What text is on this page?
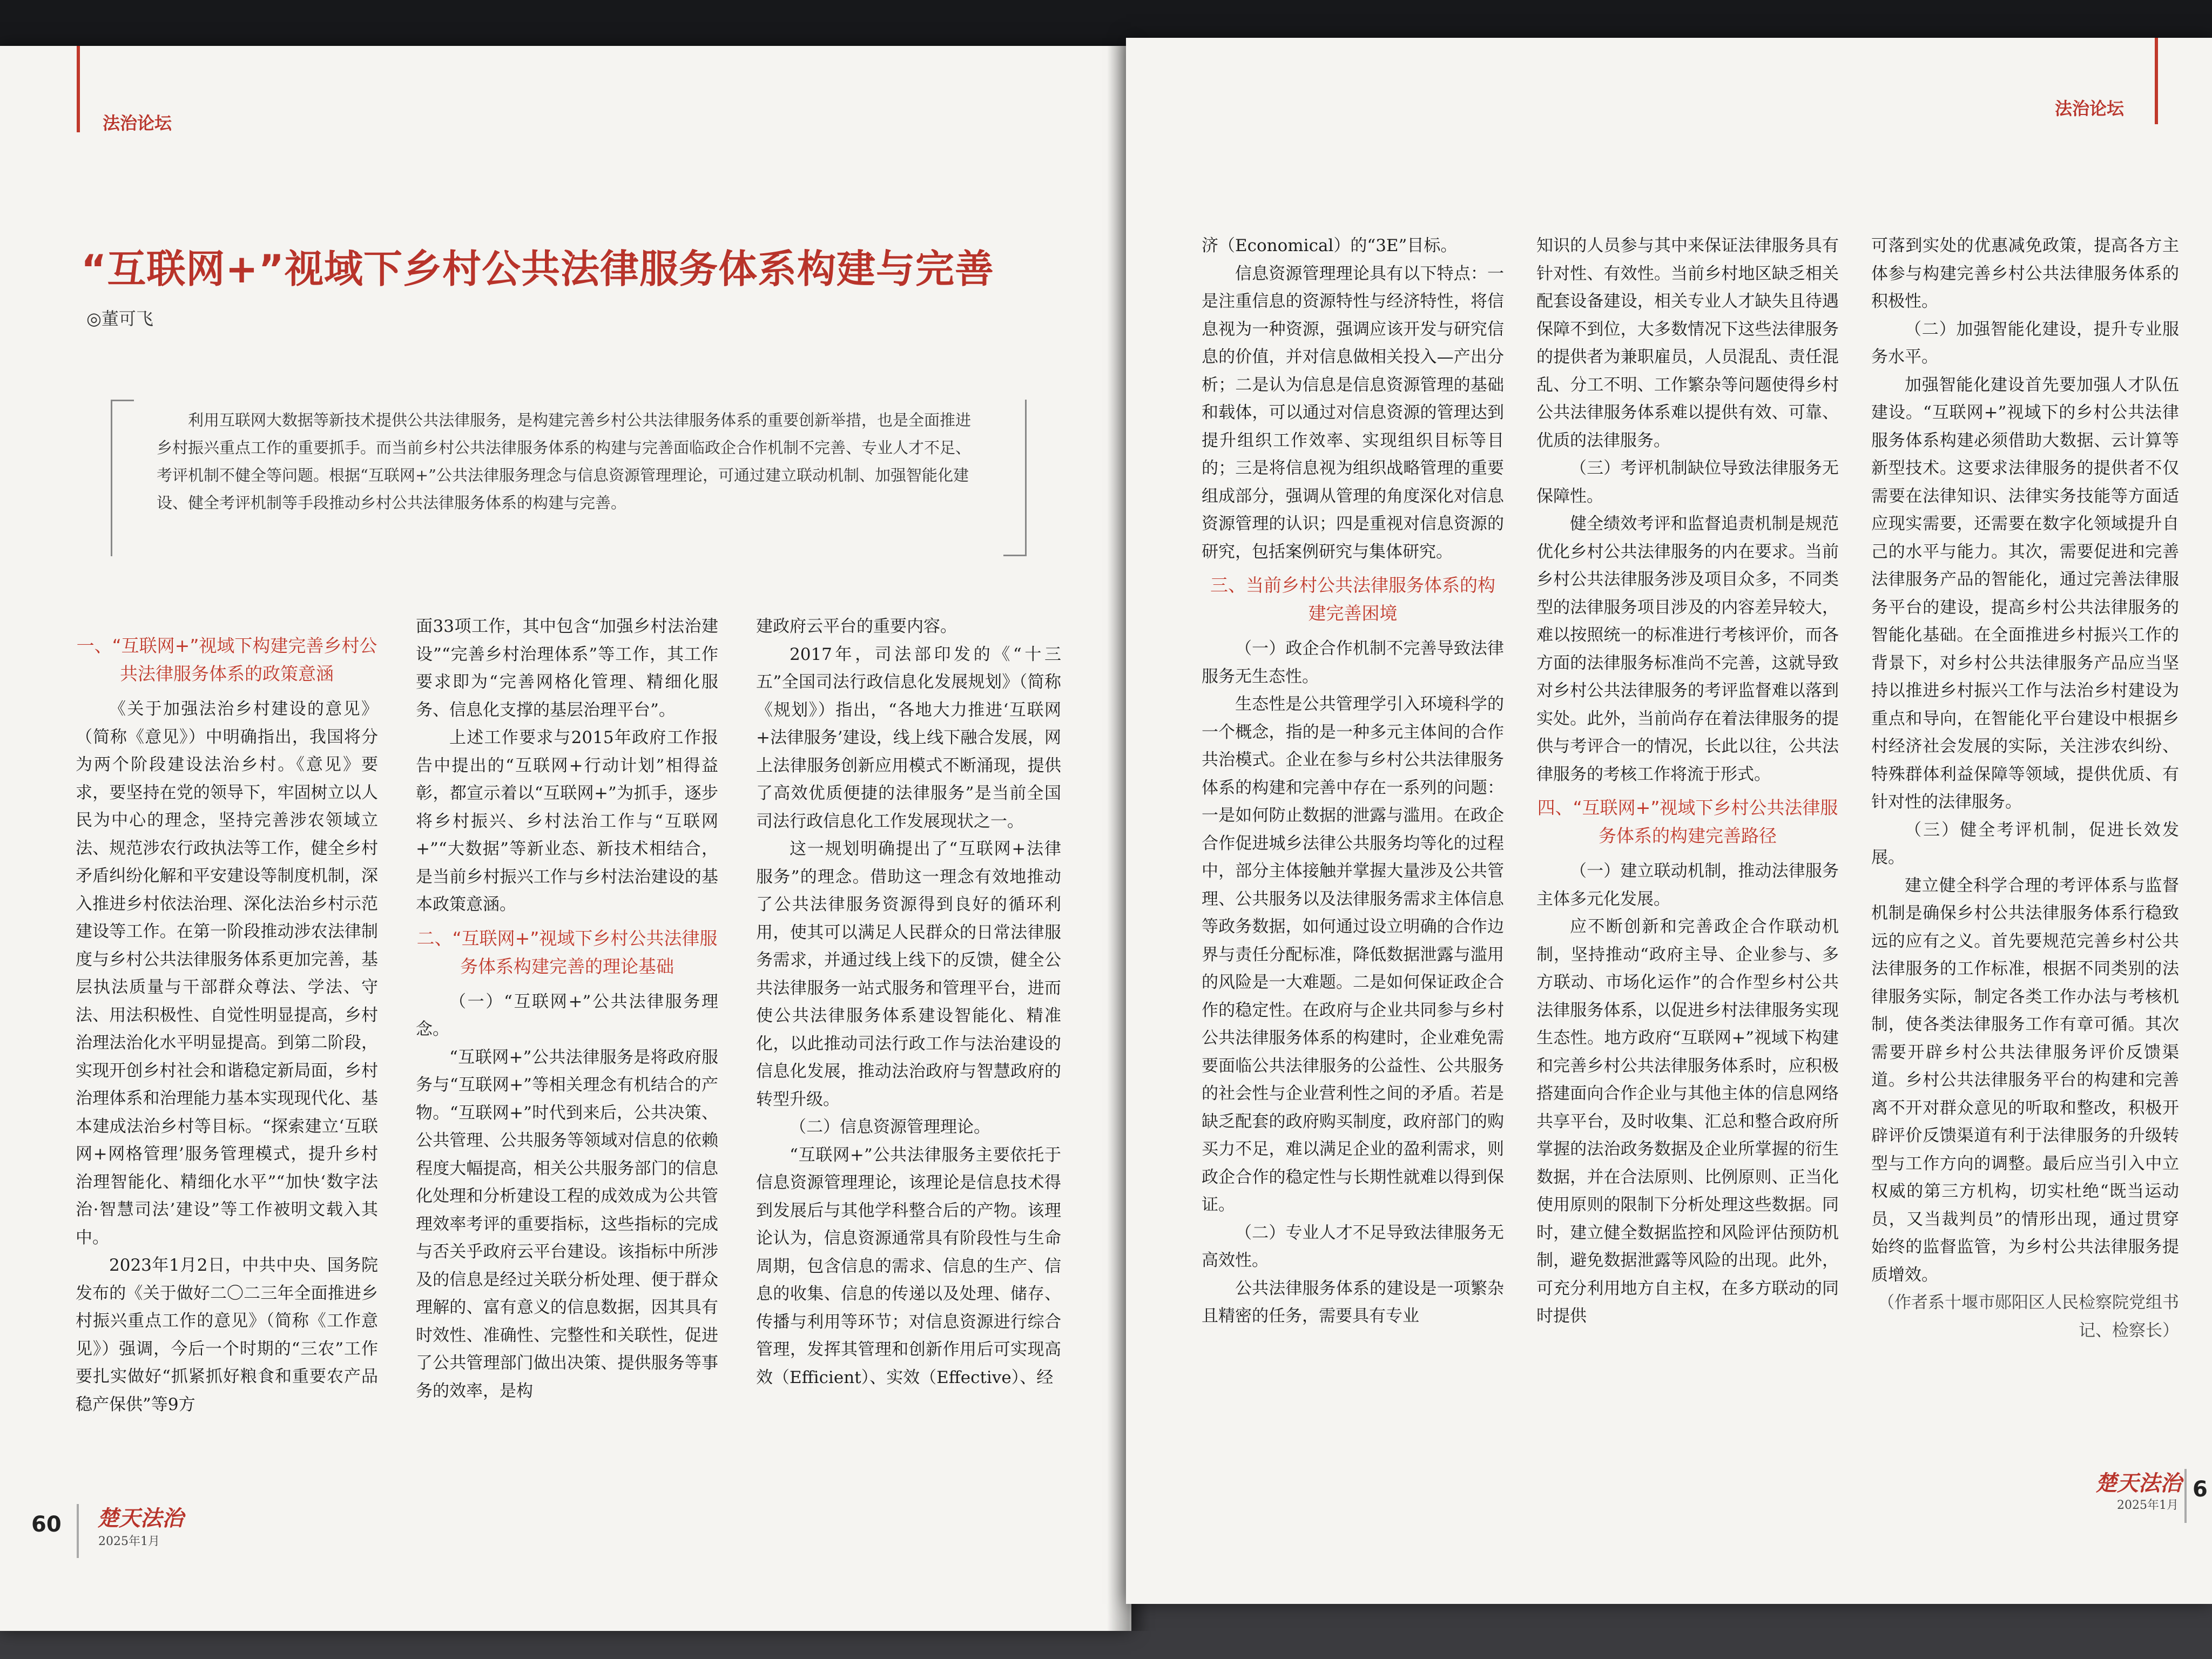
法治论坛
“互联网+”视域下乡村公共法律服务体系构建与完善
◎董可飞
利用互联网大数据等新技术提供公共法律服务，是构建完善乡村公共法律服务体系的重要创新举措，也是全面推进乡村振兴重点工作的重要抓手。而当前乡村公共法律服务体系的构建与完善面临政企合作机制不完善、专业人才不足、考评机制不健全等问题。根据“互联网+”公共法律服务理念与信息资源管理理论，可通过建立联动机制、加强智能化建设、健全考评机制等手段推动乡村公共法律服务体系的构建与完善。
一、“互联网+”视域下构建完善乡村公共法律服务体系的政策意涵

《关于加强法治乡村建设的意见》（简称《意见》）中明确指出，我国将分为两个阶段建设法治乡村。《意见》要求，要坚持在党的领导下，牢固树立以人民为中心的理念，坚持完善涉农领域立法、规范涉农行政执法等工作，健全乡村矛盾纠纷化解和平安建设等制度机制，深入推进乡村依法治理、深化法治乡村示范建设等工作。在第一阶段推动涉农法律制度与乡村公共法律服务体系更加完善，基层执法质量与干部群众尊法、学法、守法、用法积极性、自觉性明显提高，乡村治理法治化水平明显提高。到第二阶段，实现开创乡村社会和谐稳定新局面，乡村治理体系和治理能力基本实现现代化、基本建成法治乡村等目标。“探索建立‘互联网+网格管理’服务管理模式，提升乡村治理智能化、精细化水平”“加快‘数字法治·智慧司法’建设”等工作被明文载入其中。

2023年1月2日，中共中央、国务院发布的《关于做好二〇二三年全面推进乡村振兴重点工作的意见》（简称《工作意见》）强调，今后一个时期的“三农”工作要扎实做好“抓紧抓好粮食和重要农产品稳产保供”等9方

面33项工作，其中包含“加强乡村法治建设”“完善乡村治理体系”等工作，其工作要求即为“完善网格化管理、精细化服务、信息化支撑的基层治理平台”。

上述工作要求与2015年政府工作报告中提出的“互联网+行动计划”相得益彰，都宣示着以“互联网+”为抓手，逐步将乡村振兴、乡村法治工作与“互联网+”“大数据”等新业态、新技术相结合，是当前乡村振兴工作与乡村法治建设的基本政策意涵。

二、“互联网+”视域下乡村公共法律服务体系构建完善的理论基础

（一）“互联网+”公共法律服务理念。

“互联网+”公共法律服务是将政府服务与“互联网+”等相关理念有机结合的产物。“互联网+”时代到来后，公共决策、公共管理、公共服务等领域对信息的依赖程度大幅提高，相关公共服务部门的信息化处理和分析建设工程的成效成为公共管理效率考评的重要指标，这些指标的完成与否关乎政府云平台建设。该指标中所涉及的信息是经过关联分析处理、便于群众理解的、富有意义的信息数据，因其具有时效性、准确性、完整性和关联性，促进了公共管理部门做出决策、提供服务等事务的效率，是构

建政府云平台的重要内容。

2017年，司法部印发的《“十三五”全国司法行政信息化发展规划》（简称《规划》）指出，“各地大力推进‘互联网+法律服务’建设，线上线下融合发展，网上法律服务创新应用模式不断涌现，提供了高效优质便捷的法律服务”是当前全国司法行政信息化工作发展现状之一。

这一规划明确提出了“互联网+法律服务”的理念。借助这一理念有效地推动了公共法律服务资源得到良好的循环利用，使其可以满足人民群众的日常法律服务需求，并通过线上线下的反馈，健全公共法律服务一站式服务和管理平台，进而使公共法律服务体系建设智能化、精准化，以此推动司法行政工作与法治建设的信息化发展，推动法治政府与智慧政府的转型升级。

（二）信息资源管理理论。

“互联网+”公共法律服务主要依托于信息资源管理理论，该理论是信息技术得到发展后与其他学科整合后的产物。该理论认为，信息资源通常具有阶段性与生命周期，包含信息的需求、信息的生产、信息的收集、信息的传递以及处理、储存、传播与利用等环节；对信息资源进行综合管理，发挥其管理和创新作用后可实现高效（Efficient）、实效（Effective）、经

60 楚天法治
2025年1月
法治论坛

济（Economical）的“3E”目标。

信息资源管理理论具有以下特点：一是注重信息的资源特性与经济特性，将信息视为一种资源，强调应该开发与研究信息的价值，并对信息做相关投入—产出分析；二是认为信息是信息资源管理的基础和载体，可以通过对信息资源的管理达到提升组织工作效率、实现组织目标等目的；三是将信息视为组织战略管理的重要组成部分，强调从管理的角度深化对信息资源管理的认识；四是重视对信息资源的研究，包括案例研究与集体研究。

三、当前乡村公共法律服务体系的构建完善困境

（一）政企合作机制不完善导致法律服务无生态性。

生态性是公共管理学引入环境科学的一个概念，指的是一种多元主体间的合作共治模式。企业在参与乡村公共法律服务体系的构建和完善中存在一系列的问题：一是如何防止数据的泄露与滥用。在政企合作促进城乡法律公共服务均等化的过程中，部分主体接触并掌握大量涉及公共管理、公共服务以及法律服务需求主体信息等政务数据，如何通过设立明确的合作边界与责任分配标准，降低数据泄露与滥用的风险是一大难题。二是如何保证政企合作的稳定性。在政府与企业共同参与乡村公共法律服务体系的构建时，企业难免需要面临公共法律服务的公益性、公共服务的社会性与企业营利性之间的矛盾。若是缺乏配套的政府购买制度，政府部门的购买力不足，难以满足企业的盈利需求，则政企合作的稳定性与长期性就难以得到保证。

（二）专业人才不足导致法律服务无高效性。

公共法律服务体系的建设是一项繁杂且精密的任务，需要具有专业

知识的人员参与其中来保证法律服务具有针对性、有效性。当前乡村地区缺乏相关配套设备建设，相关专业人才缺失且待遇保障不到位，大多数情况下这些法律服务的提供者为兼职雇员，人员混乱、责任混乱、分工不明、工作繁杂等问题使得乡村公共法律服务体系难以提供有效、可靠、优质的法律服务。

（三）考评机制缺位导致法律服务无保障性。

健全绩效考评和监督追责机制是规范优化乡村公共法律服务的内在要求。当前乡村公共法律服务涉及项目众多，不同类型的法律服务项目涉及的内容差异较大，难以按照统一的标准进行考核评价，而各方面的法律服务标准尚不完善，这就导致对乡村公共法律服务的考评监督难以落到实处。此外，当前尚存在着法律服务的提供与考评合一的情况，长此以往，公共法律服务的考核工作将流于形式。

四、“互联网+”视域下乡村公共法律服务体系的构建完善路径

（一）建立联动机制，推动法律服务主体多元化发展。

应不断创新和完善政企合作联动机制，坚持推动“政府主导、企业参与、多方联动、市场化运作”的合作型乡村公共法律服务体系，以促进乡村法律服务实现生态性。地方政府“互联网+”视域下构建和完善乡村公共法律服务体系时，应积极搭建面向合作企业与其他主体的信息网络共享平台，及时收集、汇总和整合政府所掌握的法治政务数据及企业所掌握的衍生数据，并在合法原则、比例原则、正当化使用原则的限制下分析处理这些数据。同时，建立健全数据监控和风险评估预防机制，避免数据泄露等风险的出现。此外，可充分利用地方自主权，在多方联动的同时提供

可落到实处的优惠减免政策，提高各方主体参与构建完善乡村公共法律服务体系的积极性。

（二）加强智能化建设，提升专业服务水平。

加强智能化建设首先要加强人才队伍建设。“互联网+”视域下的乡村公共法律服务体系构建必须借助大数据、云计算等新型技术。这要求法律服务的提供者不仅需要在法律知识、法律实务技能等方面适应现实需要，还需要在数字化领域提升自己的水平与能力。其次，需要促进和完善法律服务产品的智能化，通过完善法律服务平台的建设，提高乡村公共法律服务的智能化基础。在全面推进乡村振兴工作的背景下，对乡村公共法律服务产品应当坚持以推进乡村振兴工作与法治乡村建设为重点和导向，在智能化平台建设中根据乡村经济社会发展的实际，关注涉农纠纷、特殊群体利益保障等领域，提供优质、有针对性的法律服务。

（三）健全考评机制，促进长效发展。

建立健全科学合理的考评体系与监督机制是确保乡村公共法律服务体系行稳致远的应有之义。首先要规范完善乡村公共法律服务的工作标准，根据不同类别的法律服务实际，制定各类工作办法与考核机制，使各类法律服务工作有章可循。其次需要开辟乡村公共法律服务评价反馈渠道。乡村公共法律服务平台的构建和完善离不开对群众意见的听取和整改，积极开辟评价反馈渠道有利于法律服务的升级转型与工作方向的调整。最后应当引入中立权威的第三方机构，切实杜绝“既当运动员，又当裁判员”的情形出现，通过贯穿始终的监督监管，为乡村公共法律服务提质增效。

（作者系十堰市郧阳区人民检察院党组书记、检察长）

楚天法治
2025年1月
6
